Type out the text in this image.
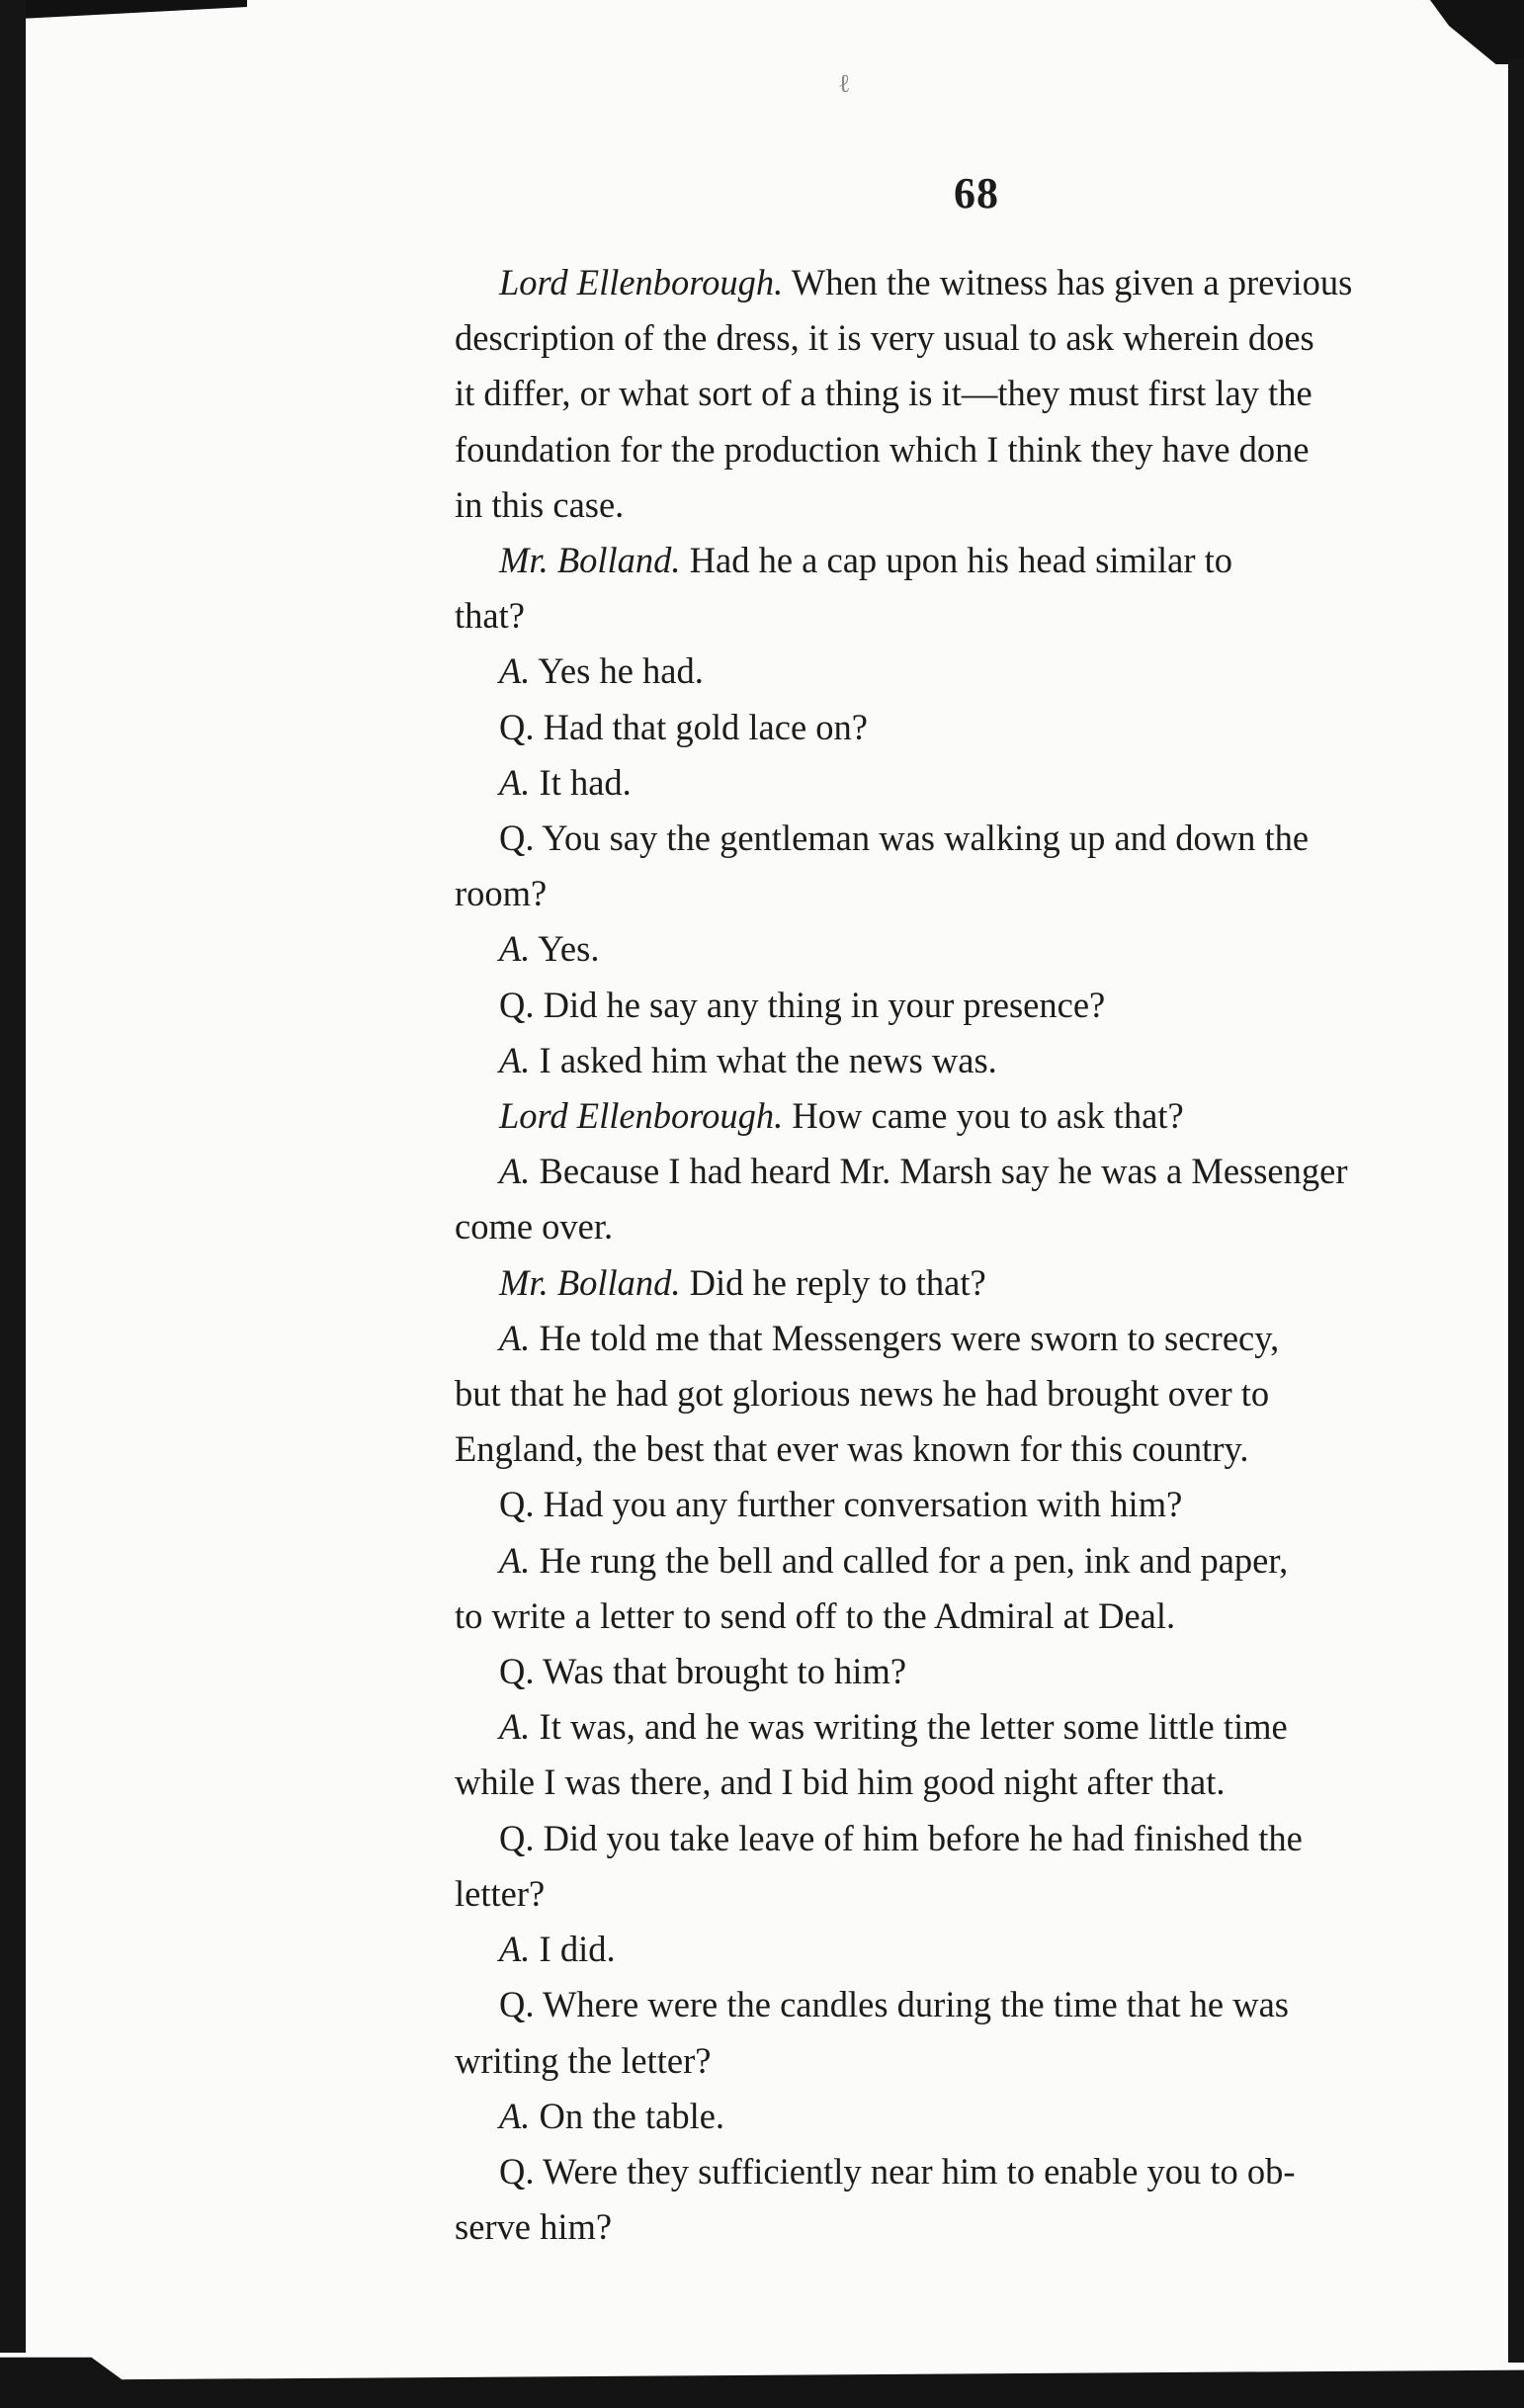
ℓ
68
Lord Ellenborough. When the witness has given a previous
description of the dress, it is very usual to ask wherein does
it differ, or what sort of a thing is it—they must first lay the
foundation for the production which I think they have done
in this case.
Mr. Bolland. Had he a cap upon his head similar to
that?
A. Yes he had.
Q. Had that gold lace on?
A. It had.
Q. You say the gentleman was walking up and down the
room?
A. Yes.
Q. Did he say any thing in your presence?
A. I asked him what the news was.
Lord Ellenborough. How came you to ask that?
A. Because I had heard Mr. Marsh say he was a Messenger
come over.
Mr. Bolland. Did he reply to that?
A. He told me that Messengers were sworn to secrecy,
but that he had got glorious news he had brought over to
England, the best that ever was known for this country.
Q. Had you any further conversation with him?
A. He rung the bell and called for a pen, ink and paper,
to write a letter to send off to the Admiral at Deal.
Q. Was that brought to him?
A. It was, and he was writing the letter some little time
while I was there, and I bid him good night after that.
Q. Did you take leave of him before he had finished the
letter?
A. I did.
Q. Where were the candles during the time that he was
writing the letter?
A. On the table.
Q. Were they sufficiently near him to enable you to ob-
serve him?
